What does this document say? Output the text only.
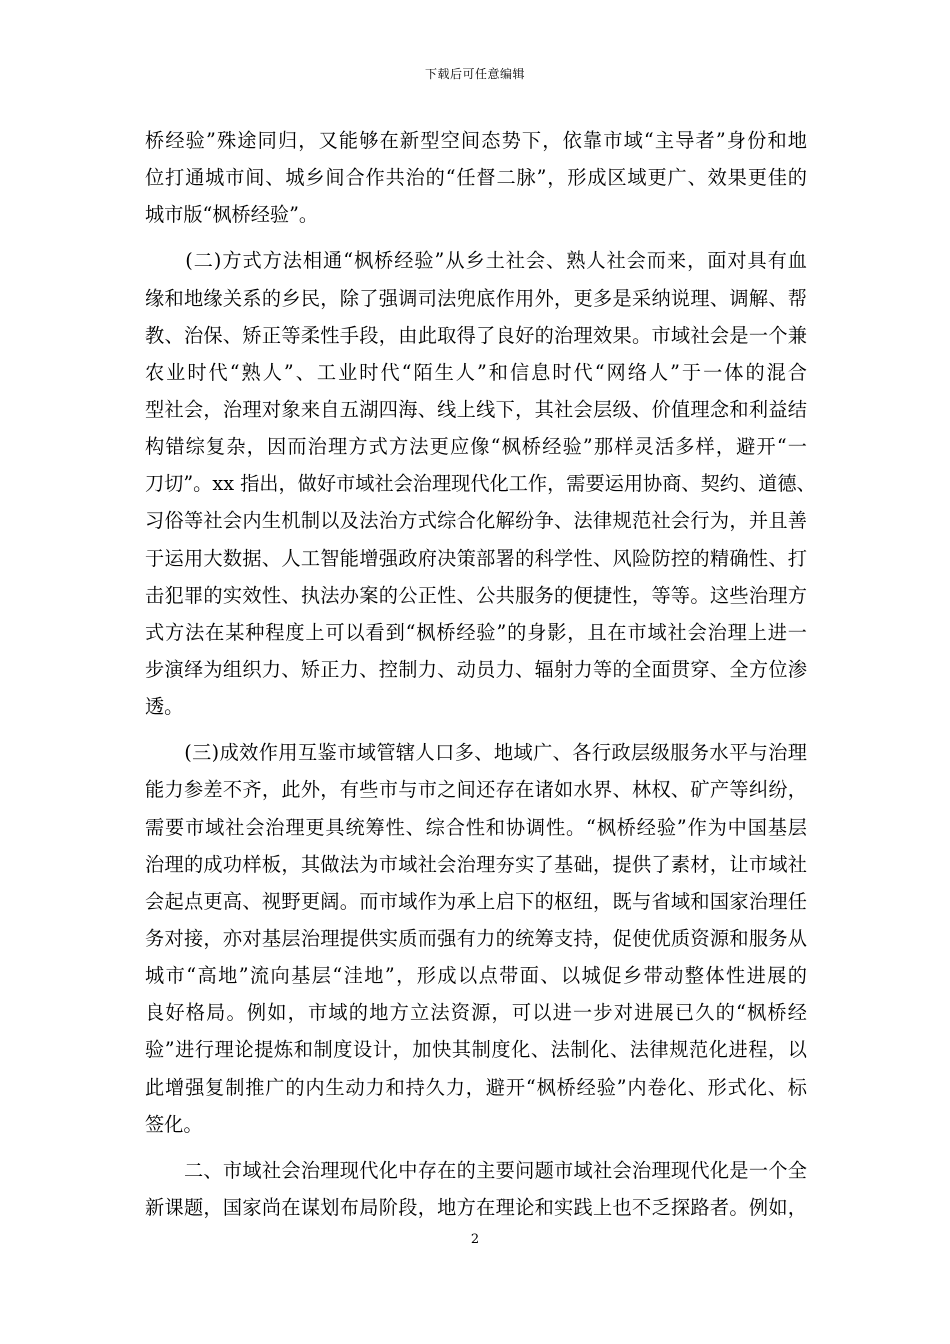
下载后可任意编辑
桥经验”殊途同归，又能够在新型空间态势下，依靠市域“主导者”身份和地
位打通城市间、城乡间合作共治的“任督二脉”，形成区域更广、效果更佳的
城市版“枫桥经验”。
　　(二)方式方法相通“枫桥经验”从乡土社会、熟人社会而来，面对具有血
缘和地缘关系的乡民，除了强调司法兜底作用外，更多是采纳说理、调解、帮
教、治保、矫正等柔性手段，由此取得了良好的治理效果。市域社会是一个兼
农业时代“熟人”、工业时代“陌生人”和信息时代“网络人”于一体的混合
型社会，治理对象来自五湖四海、线上线下，其社会层级、价值理念和利益结
构错综复杂，因而治理方式方法更应像“枫桥经验”那样灵活多样，避开“一
刀切”。xx 指出，做好市域社会治理现代化工作，需要运用协商、契约、道德、
习俗等社会内生机制以及法治方式综合化解纷争、法律规范社会行为，并且善
于运用大数据、人工智能增强政府决策部署的科学性、风险防控的精确性、打
击犯罪的实效性、执法办案的公正性、公共服务的便捷性，等等。这些治理方
式方法在某种程度上可以看到“枫桥经验”的身影，且在市域社会治理上进一
步演绎为组织力、矫正力、控制力、动员力、辐射力等的全面贯穿、全方位渗
透。
　　(三)成效作用互鉴市域管辖人口多、地域广、各行政层级服务水平与治理
能力参差不齐，此外，有些市与市之间还存在诸如水界、林权、矿产等纠纷，
需要市域社会治理更具统筹性、综合性和协调性。“枫桥经验”作为中国基层
治理的成功样板，其做法为市域社会治理夯实了基础，提供了素材，让市域社
会起点更高、视野更阔。而市域作为承上启下的枢纽，既与省域和国家治理任
务对接，亦对基层治理提供实质而强有力的统筹支持，促使优质资源和服务从
城市“高地”流向基层“洼地”，形成以点带面、以城促乡带动整体性进展的
良好格局。例如，市域的地方立法资源，可以进一步对进展已久的“枫桥经
验”进行理论提炼和制度设计，加快其制度化、法制化、法律规范化进程，以
此增强复制推广的内生动力和持久力，避开“枫桥经验”内卷化、形式化、标
签化。
　　二、市域社会治理现代化中存在的主要问题市域社会治理现代化是一个全
新课题，国家尚在谋划布局阶段，地方在理论和实践上也不乏探路者。例如，
2
